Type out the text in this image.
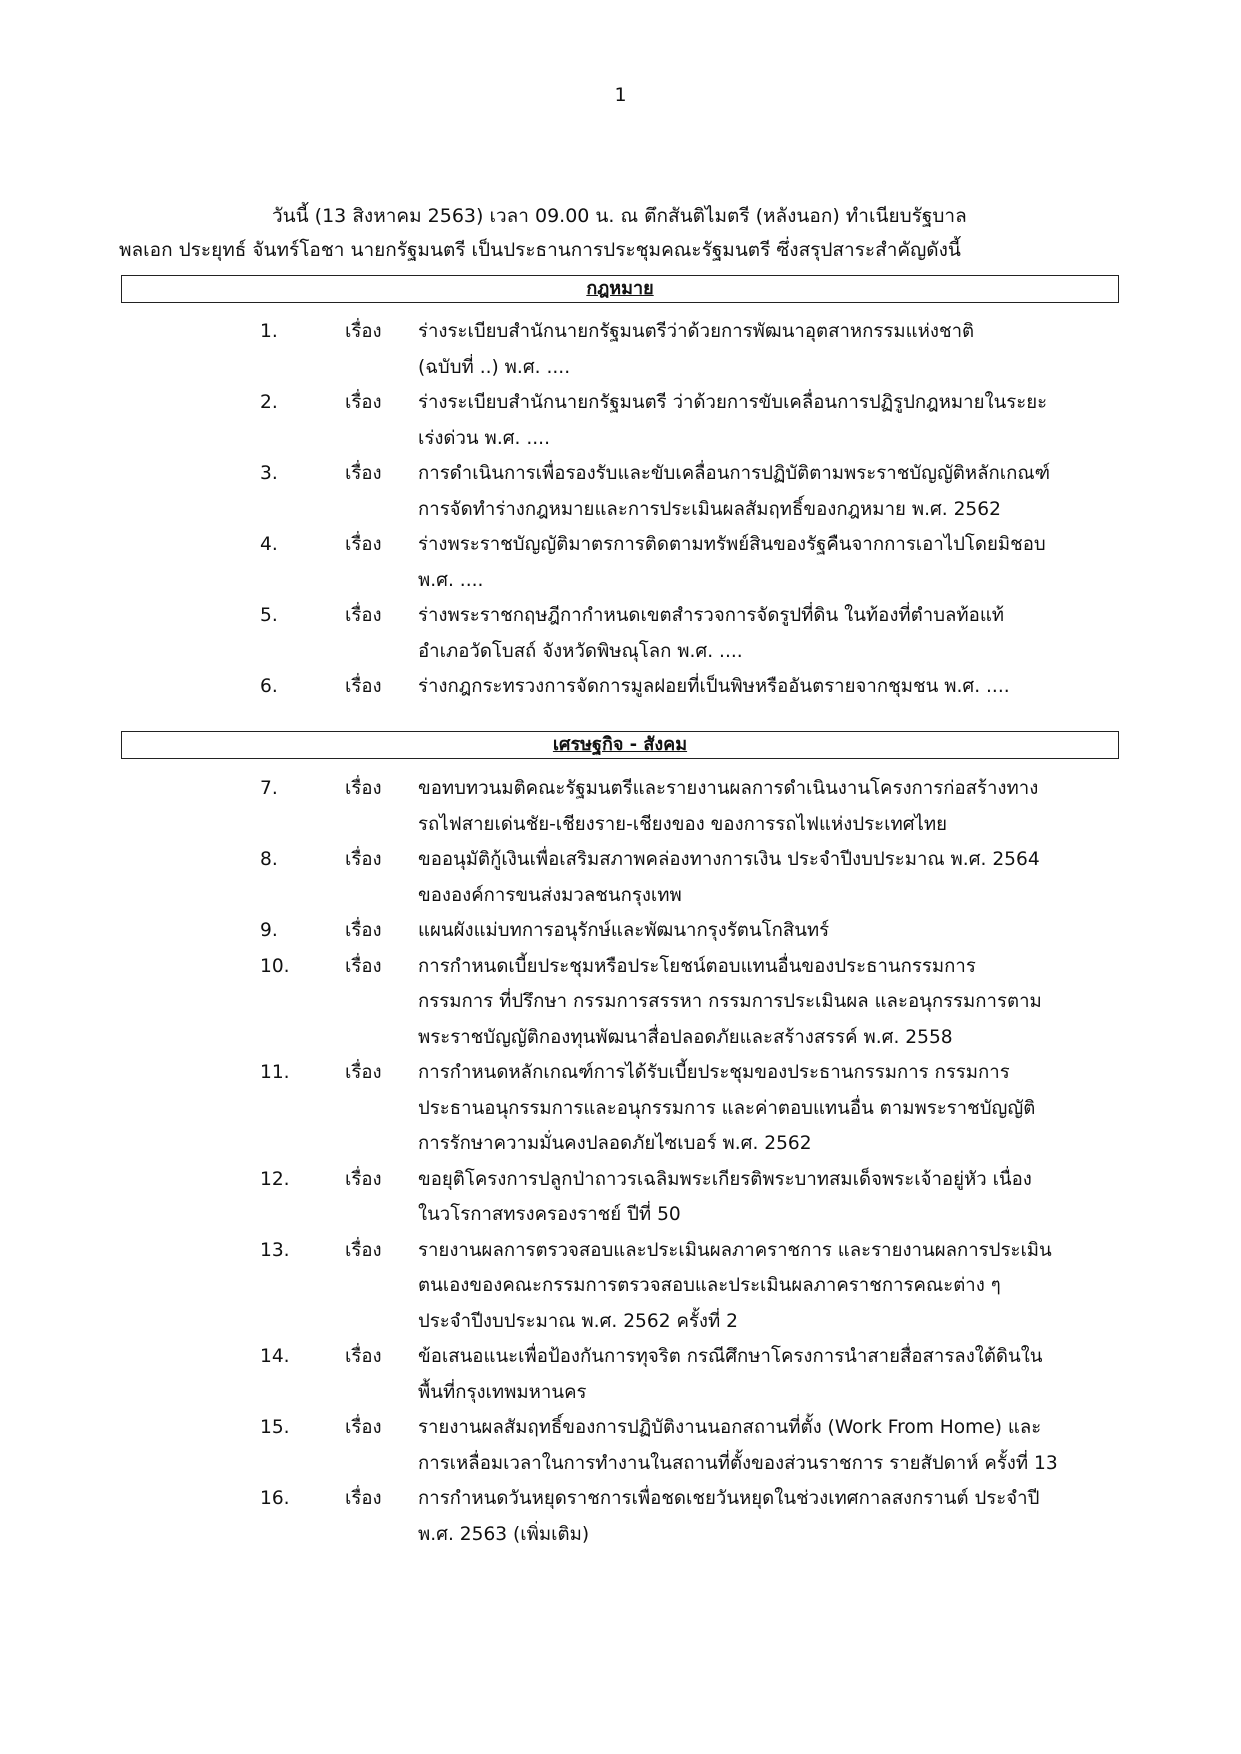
1
วันนี้ (13 สิงหาคม 2563) เวลา 09.00 น. ณ ตึกสันติไมตรี (หลังนอก) ทำเนียบรัฐบาล
พลเอก ประยุทธ์ จันทร์โอชา นายกรัฐมนตรี เป็นประธานการประชุมคณะรัฐมนตรี ซึ่งสรุปสาระสำคัญดังนี้
กฎหมาย
1.	เรื่อง ร่างระเบียบสำนักนายกรัฐมนตรีว่าด้วยการพัฒนาอุตสาหกรรมแห่งชาติ
(ฉบับที่ ..) พ.ศ. ....
2.	เรื่อง ร่างระเบียบสำนักนายกรัฐมนตรี ว่าด้วยการขับเคลื่อนการปฏิรูปกฎหมายในระยะ
เร่งด่วน พ.ศ. ....
3.	เรื่อง การดำเนินการเพื่อรองรับและขับเคลื่อนการปฏิบัติตามพระราชบัญญัติหลักเกณฑ์
การจัดทำร่างกฎหมายและการประเมินผลสัมฤทธิ์ของกฎหมาย พ.ศ. 2562
4.	เรื่อง ร่างพระราชบัญญัติมาตรการติดตามทรัพย์สินของรัฐคืนจากการเอาไปโดยมิชอบ
พ.ศ. ....
5.	เรื่อง ร่างพระราชกฤษฎีกากำหนดเขตสำรวจการจัดรูปที่ดิน ในท้องที่ตำบลท้อแท้
อำเภอวัดโบสถ์ จังหวัดพิษณุโลก พ.ศ. ....
6.	เรื่อง ร่างกฎกระทรวงการจัดการมูลฝอยที่เป็นพิษหรืออันตรายจากชุมชน พ.ศ. ....
เศรษฐกิจ - สังคม
7.	เรื่อง ขอทบทวนมติคณะรัฐมนตรีและรายงานผลการดำเนินงานโครงการก่อสร้างทาง
รถไฟสายเด่นชัย-เชียงราย-เชียงของ ของการรถไฟแห่งประเทศไทย
8.	เรื่อง ขออนุมัติกู้เงินเพื่อเสริมสภาพคล่องทางการเงิน ประจำปีงบประมาณ พ.ศ. 2564
ขององค์การขนส่งมวลชนกรุงเทพ
9.	เรื่อง แผนผังแม่บทการอนุรักษ์และพัฒนากรุงรัตนโกสินทร์
10.	เรื่อง การกำหนดเบี้ยประชุมหรือประโยชน์ตอบแทนอื่นของประธานกรรมการ
กรรมการ ที่ปรึกษา กรรมการสรรหา กรรมการประเมินผล และอนุกรรมการตาม
พระราชบัญญัติกองทุนพัฒนาสื่อปลอดภัยและสร้างสรรค์ พ.ศ. 2558
11.	เรื่อง การกำหนดหลักเกณฑ์การได้รับเบี้ยประชุมของประธานกรรมการ กรรมการ
ประธานอนุกรรมการและอนุกรรมการ และค่าตอบแทนอื่น ตามพระราชบัญญัติ
การรักษาความมั่นคงปลอดภัยไซเบอร์ พ.ศ. 2562
12.	เรื่อง ขอยุติโครงการปลูกป่าถาวรเฉลิมพระเกียรติพระบาทสมเด็จพระเจ้าอยู่หัว เนื่อง
ในวโรกาสทรงครองราชย์ ปีที่ 50
13.	เรื่อง รายงานผลการตรวจสอบและประเมินผลภาคราชการ และรายงานผลการประเมิน
ตนเองของคณะกรรมการตรวจสอบและประเมินผลภาคราชการคณะต่าง ๆ
ประจำปีงบประมาณ พ.ศ. 2562 ครั้งที่ 2
14.	เรื่อง ข้อเสนอแนะเพื่อป้องกันการทุจริต กรณีศึกษาโครงการนำสายสื่อสารลงใต้ดินใน
พื้นที่กรุงเทพมหานคร
15.	เรื่อง รายงานผลสัมฤทธิ์ของการปฏิบัติงานนอกสถานที่ตั้ง (Work From Home) และ
การเหลื่อมเวลาในการทำงานในสถานที่ตั้งของส่วนราชการ รายสัปดาห์ ครั้งที่ 13
16.	เรื่อง การกำหนดวันหยุดราชการเพื่อชดเชยวันหยุดในช่วงเทศกาลสงกรานต์ ประจำปี
พ.ศ. 2563 (เพิ่มเติม)
